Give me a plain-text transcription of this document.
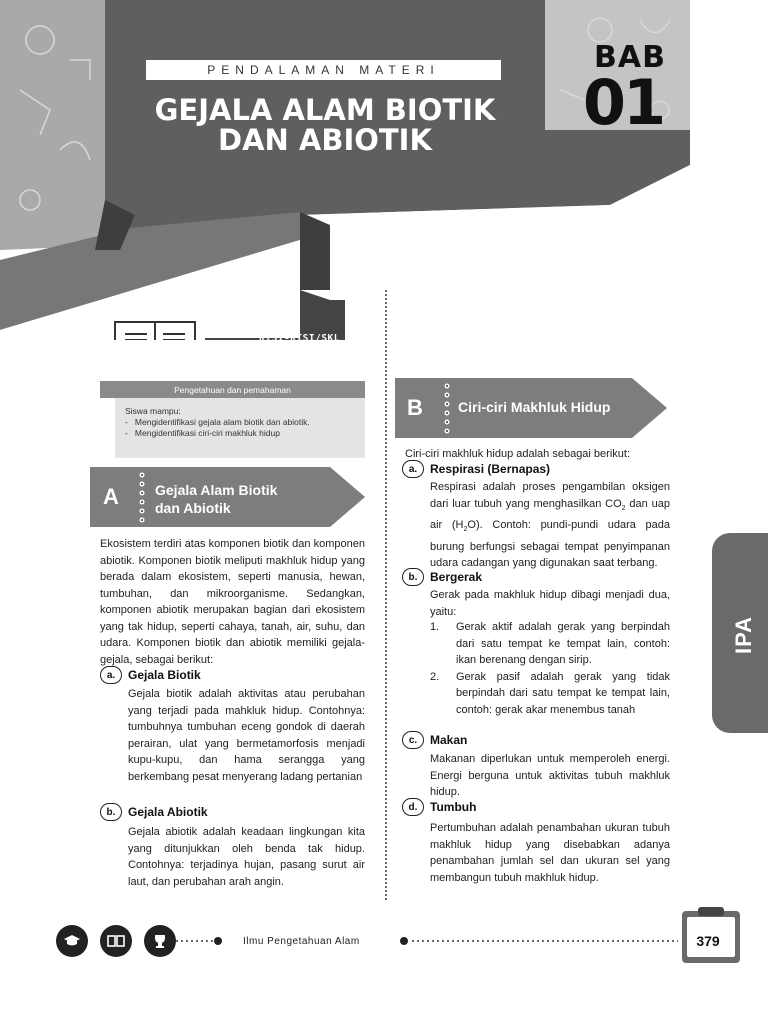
PENDALAMAN MATERI
GEJALA ALAM BIOTIK
DAN ABIOTIK
BAB
01
KISI-KISI/SKL
GEJALA ALAM
BIOTIK DAN ABIOTIK
Pengetahuan dan pemahaman
Siswa mampu:
-   Mengidentifikasi gejala alam biotik dan abiotik.
-   Mengidentifikasi ciri-ciri makhluk hidup
A	Gejala Alam Biotik
dan Abiotik
Ekosistem terdiri atas komponen biotik dan komponen abiotik. Komponen biotik meliputi makhluk hidup yang berada dalam ekosistem, seperti manusia, hewan, tumbuhan, dan mikroorganisme. Sedangkan, komponen abiotik merupakan bagian dari ekosistem yang tak hidup, seperti cahaya, tanah, air, suhu, dan udara. Komponen biotik dan abiotik memiliki gejala-gejala, sebagai berikut:
a.	Gejala Biotik
Gejala biotik adalah aktivitas atau perubahan yang terjadi pada mahkluk hidup. Contohnya: tumbuhnya tumbuhan eceng gondok di daerah perairan, ulat yang bermetamorfosis menjadi kupu-kupu, dan hama serangga yang berkembang pesat menyerang ladang pertanian
b.	Gejala Abiotik
Gejala abiotik adalah keadaan lingkungan kita yang ditunjukkan oleh benda tak hidup. Contohnya: terjadinya hujan, pasang surut air laut, dan perubahan arah angin.
B	Ciri-ciri Makhluk Hidup
Ciri-ciri makhluk hidup adalah sebagai berikut:
a.	Respirasi (Bernapas)
Respirasi adalah proses pengambilan oksigen dari luar tubuh yang menghasilkan $CO_2$ dan uap air $(H_2O)$. Contoh: pundi-pundi udara pada burung berfungsi sebagai tempat penyimpanan udara cadangan yang digunakan saat terbang.
b.	Bergerak
Gerak pada makhluk hidup dibagi menjadi dua, yaitu:
1.	Gerak aktif adalah gerak yang berpindah dari satu tempat ke tempat lain, contoh: ikan berenang dengan sirip.
2.	Gerak pasif adalah gerak yang tidak berpindah dari satu tempat ke tempat lain, contoh: gerak akar menembus tanah
c.	Makan
Makanan diperlukan untuk memperoleh energi. Energi berguna untuk aktivitas tubuh makhluk hidup.
d.	Tumbuh
Pertumbuhan adalah penambahan ukuran tubuh makhluk hidup yang disebabkan adanya penambahan jumlah sel dan ukuran sel yang membangun tubuh makhluk hidup.
IPA
Ilmu Pengetahuan Alam	379
